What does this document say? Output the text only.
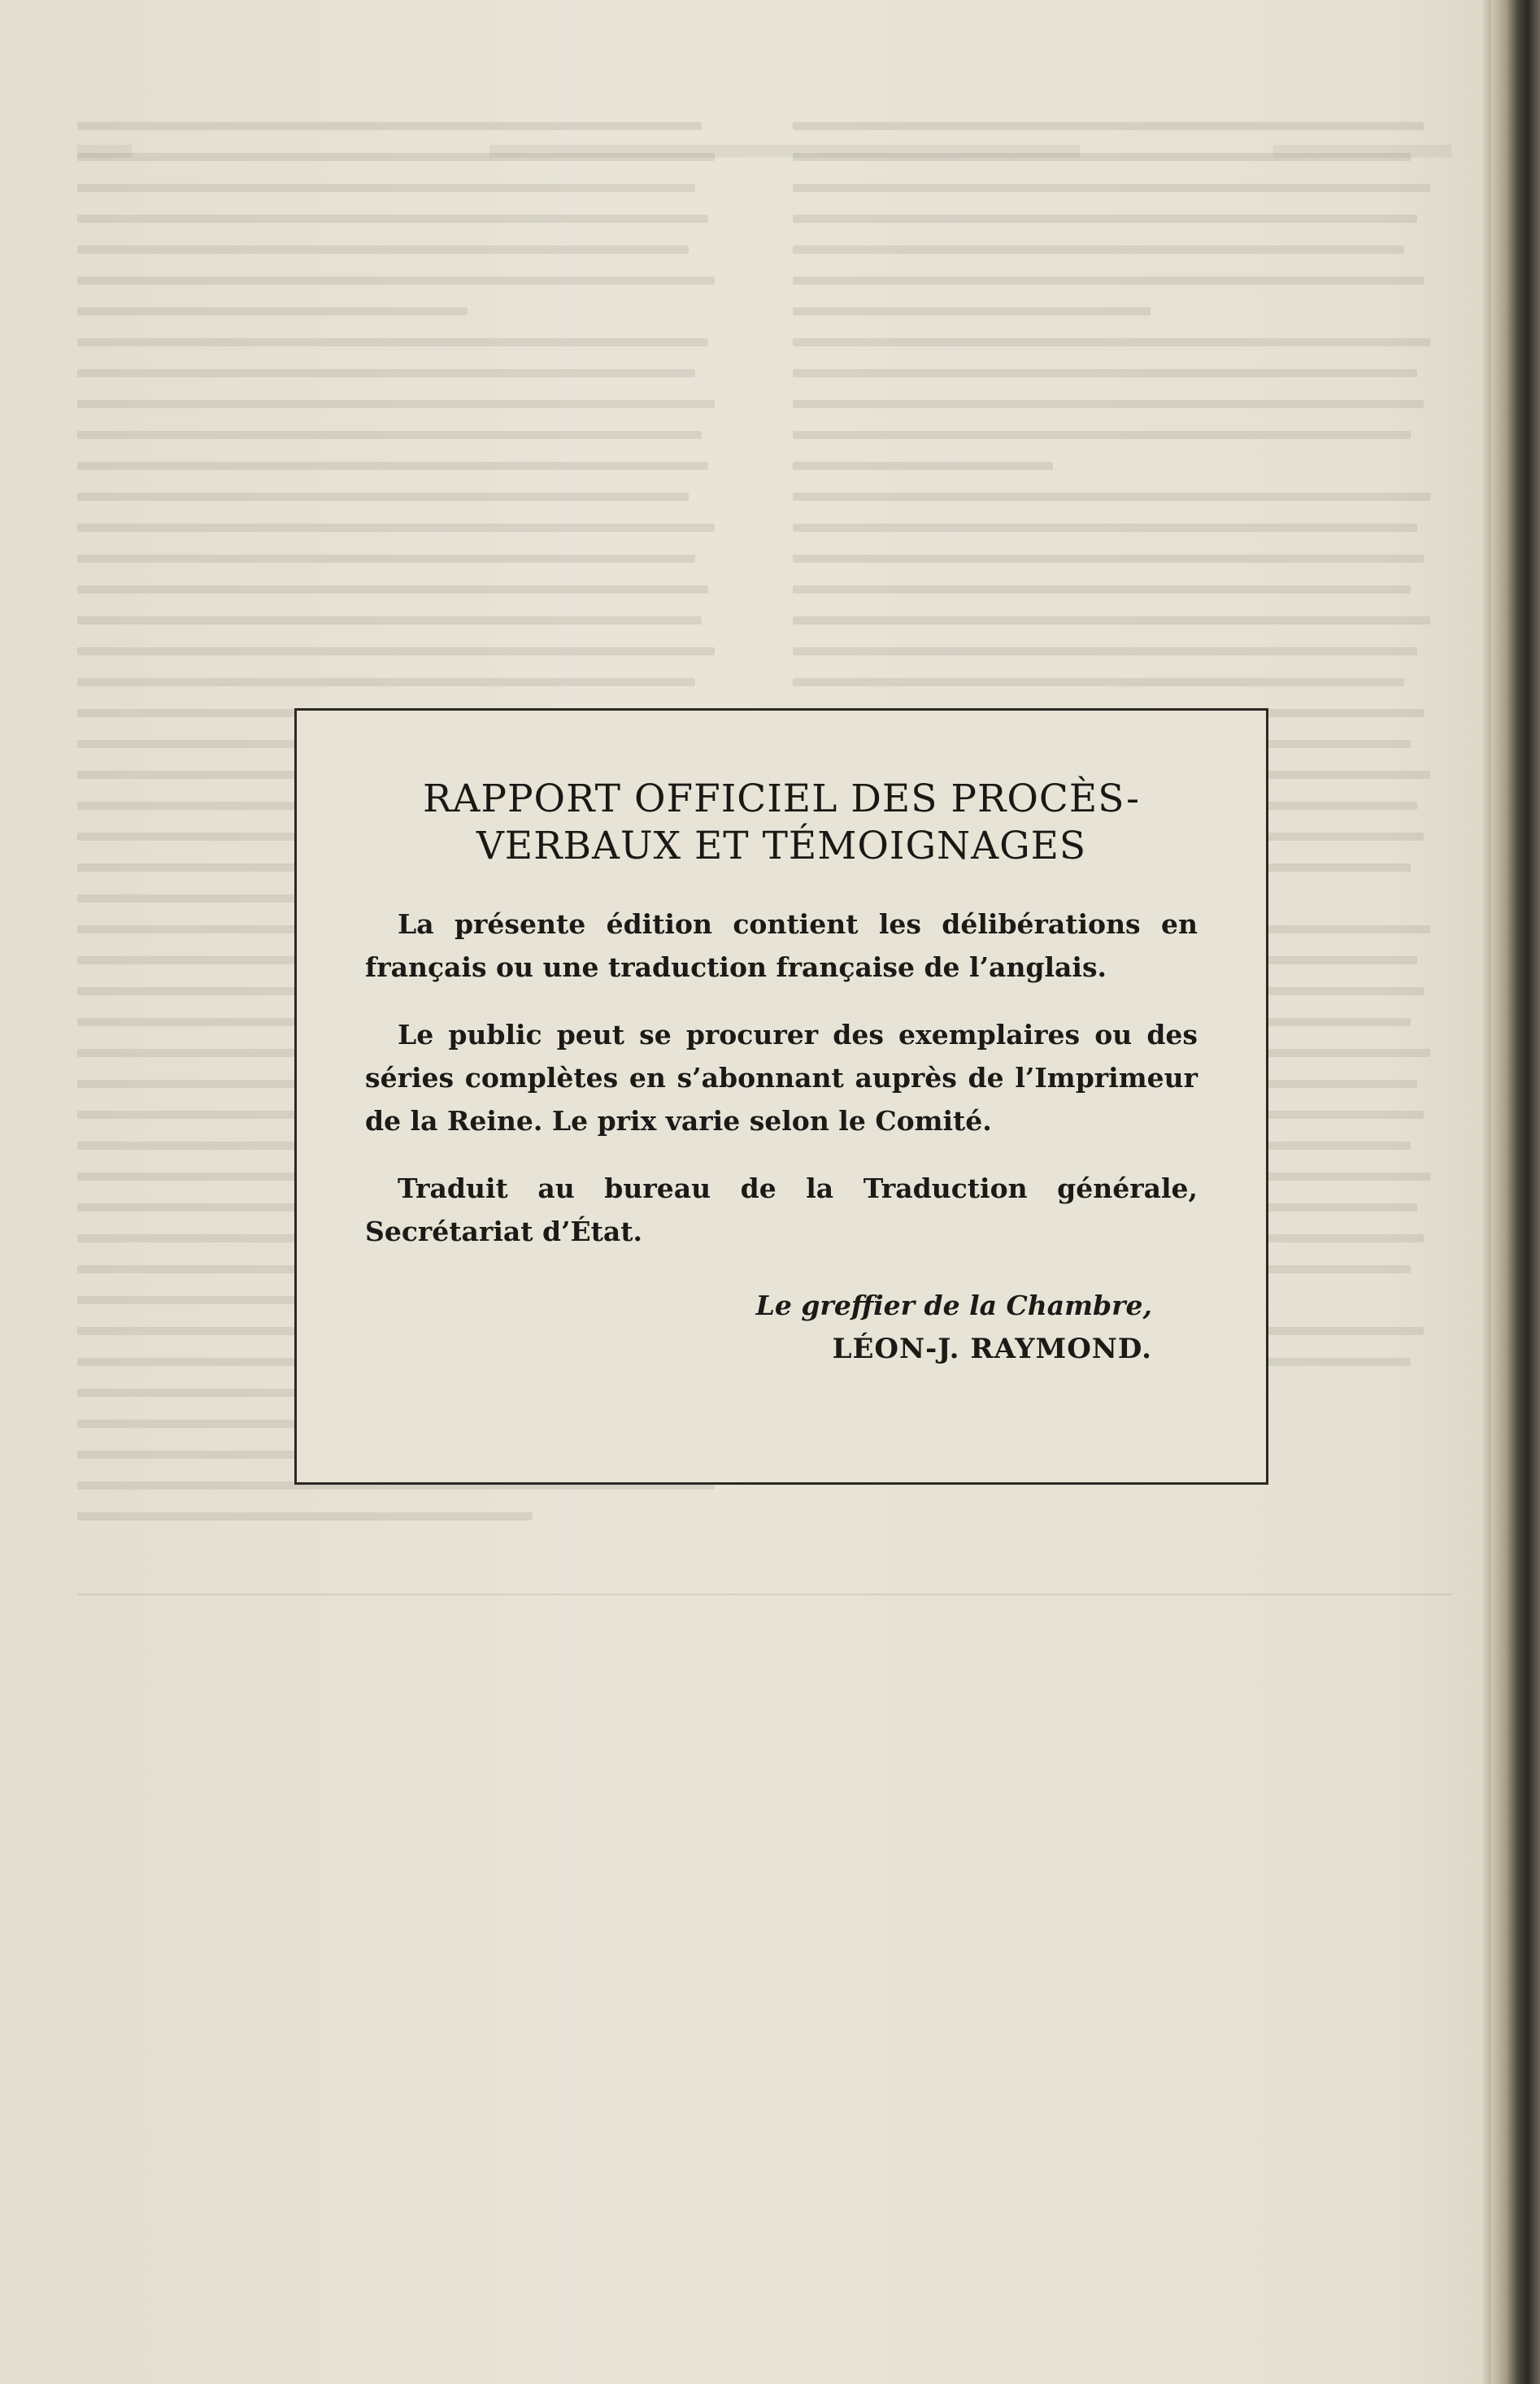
RAPPORT OFFICIEL DES PROCÈS-VERBAUX ET TÉMOIGNAGES

La présente édition contient les délibérations en français ou une traduction française de l’anglais.

Le public peut se procurer des exemplaires ou des séries complètes en s’abonnant auprès de l’Imprimeur de la Reine. Le prix varie selon le Comité.

Traduit au bureau de la Traduction générale, Secrétariat d’État.

Le greffier de la Chambre,
LÉON-J. RAYMOND.
